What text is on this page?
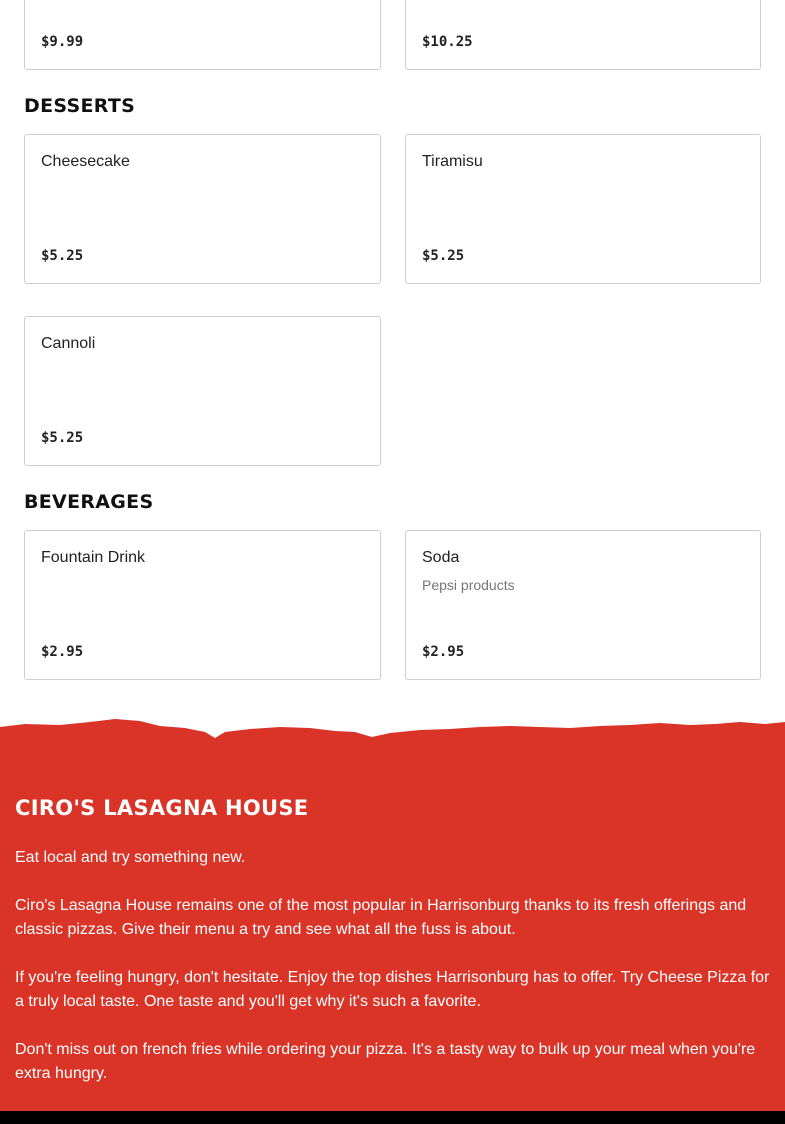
$9.99	$10.25
DESSERTS
Cheesecake
$5.25
Tiramisu
$5.25
Cannoli
$5.25
BEVERAGES
Fountain Drink
$2.95
Soda
Pepsi products
$2.95
CIRO'S LASAGNA HOUSE

Eat local and try something new.

Ciro's Lasagna House remains one of the most popular in Harrisonburg thanks to its fresh offerings and classic pizzas. Give their menu a try and see what all the fuss is about.

If you're feeling hungry, don't hesitate. Enjoy the top dishes Harrisonburg has to offer. Try Cheese Pizza for a truly local taste. One taste and you'll get why it's such a favorite.

Don't miss out on french fries while ordering your pizza. It's a tasty way to bulk up your meal when you're extra hungry.
